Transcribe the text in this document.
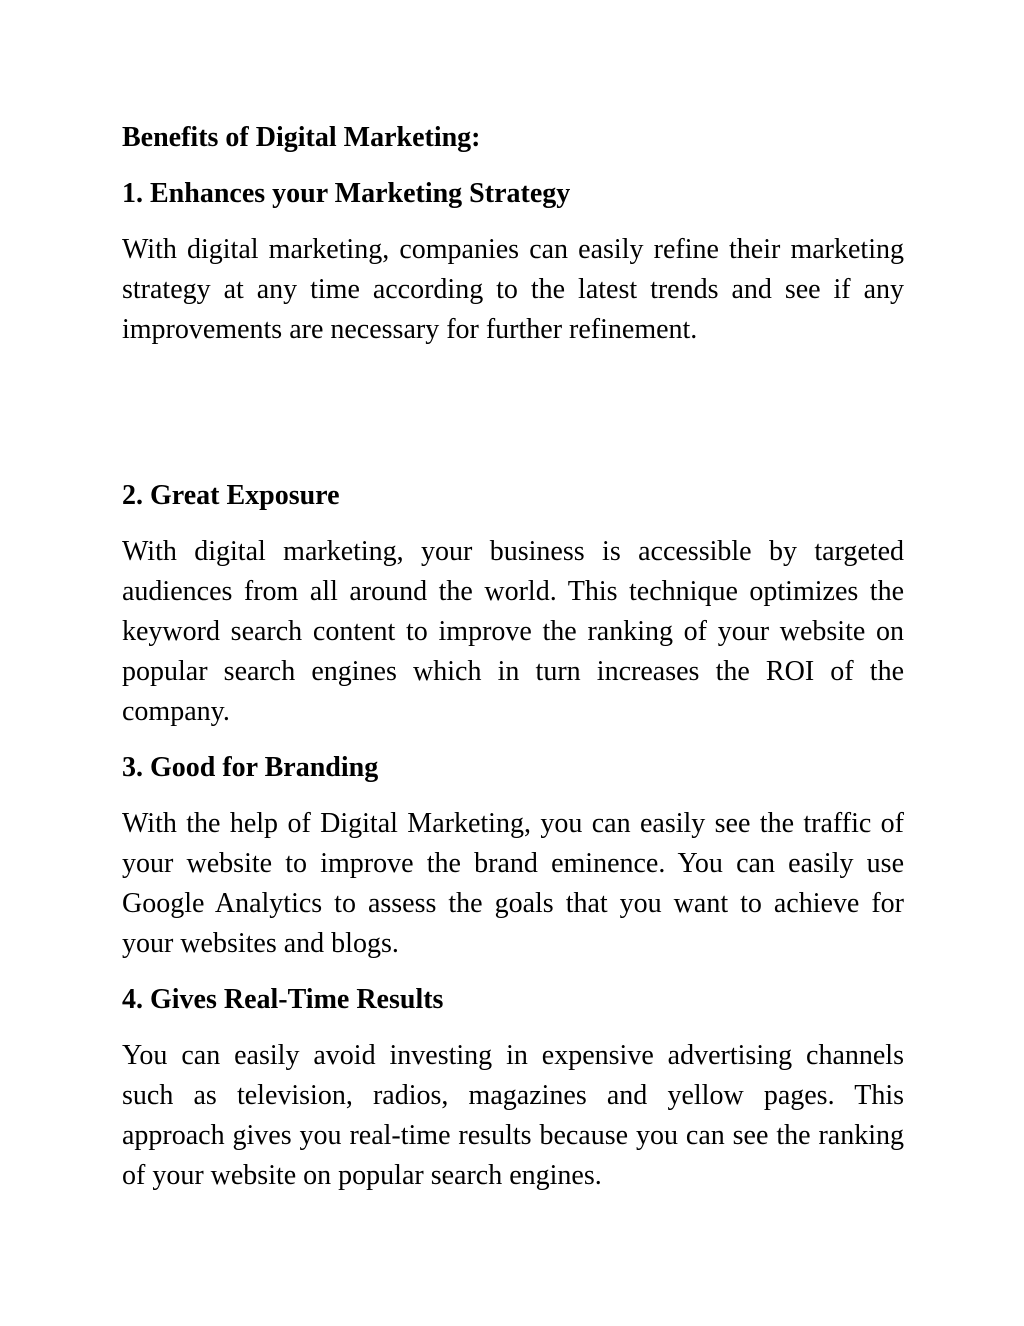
Benefits of Digital Marketing:

1. Enhances your Marketing Strategy

With digital marketing, companies can easily refine their marketing strategy at any time according to the latest trends and see if any improvements are necessary for further refinement.

2. Great Exposure

With digital marketing, your business is accessible by targeted audiences from all around the world. This technique optimizes the keyword search content to improve the ranking of your website on popular search engines which in turn increases the ROI of the company.

3. Good for Branding

With the help of Digital Marketing, you can easily see the traffic of your website to improve the brand eminence. You can easily use Google Analytics to assess the goals that you want to achieve for your websites and blogs.

4. Gives Real-Time Results

You can easily avoid investing in expensive advertising channels such as television, radios, magazines and yellow pages. This approach gives you real-time results because you can see the ranking of your website on popular search engines.
